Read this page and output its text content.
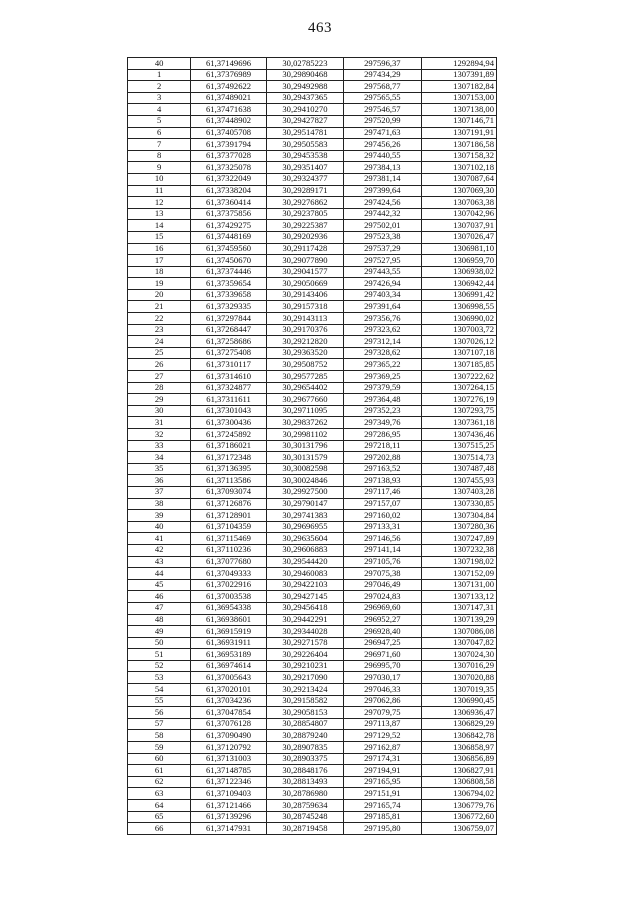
463
40	61,37149696	30,02785223	297596,37	1292894,94
1	61,37376989	30,29890468	297434,29	1307391,89
2	61,37492622	30,29492988	297568,77	1307182,84
3	61,37489021	30,29437365	297565,55	1307153,00
4	61,37471638	30,29410270	297546,57	1307138,00
5	61,37448902	30,29427827	297520,99	1307146,71
6	61,37405708	30,29514781	297471,63	1307191,91
7	61,37391794	30,29505583	297456,26	1307186,58
8	61,37377028	30,29453538	297440,55	1307158,32
9	61,37325078	30,29351407	297384,13	1307102,18
10	61,37322049	30,29324377	297381,14	1307087,64
11	61,37338204	30,29289171	297399,64	1307069,30
12	61,37360414	30,29276862	297424,56	1307063,38
13	61,37375856	30,29237805	297442,32	1307042,96
14	61,37429275	30,29225387	297502,01	1307037,91
15	61,37448169	30,29202936	297523,38	1307026,47
16	61,37459560	30,29117428	297537,29	1306981,10
17	61,37450670	30,29077890	297527,95	1306959,70
18	61,37374446	30,29041577	297443,55	1306938,02
19	61,37359654	30,29050669	297426,94	1306942,44
20	61,37339658	30,29143406	297403,34	1306991,42
21	61,37329335	30,29157318	297391,64	1306998,55
22	61,37297844	30,29143113	297356,76	1306990,02
23	61,37268447	30,29170376	297323,62	1307003,72
24	61,37258686	30,29212820	297312,14	1307026,12
25	61,37275408	30,29363520	297328,62	1307107,18
26	61,37310117	30,29508752	297365,22	1307185,85
27	61,37314610	30,29577285	297369,25	1307222,62
28	61,37324877	30,29654402	297379,59	1307264,15
29	61,37311611	30,29677660	297364,48	1307276,19
30	61,37301043	30,29711095	297352,23	1307293,75
31	61,37300436	30,29837262	297349,76	1307361,18
32	61,37245892	30,29981102	297286,95	1307436,46
33	61,37186021	30,30131796	297218,11	1307515,25
34	61,37172348	30,30131579	297202,88	1307514,73
35	61,37136395	30,30082598	297163,52	1307487,48
36	61,37113586	30,30024846	297138,93	1307455,93
37	61,37093074	30,29927500	297117,46	1307403,28
38	61,37126876	30,29790147	297157,07	1307330,85
39	61,37128901	30,29741383	297160,02	1307304,84
40	61,37104359	30,29696955	297133,31	1307280,36
41	61,37115469	30,29635604	297146,56	1307247,89
42	61,37110236	30,29606883	297141,14	1307232,38
43	61,37077680	30,29544420	297105,76	1307198,02
44	61,37049333	30,29460083	297075,38	1307152,09
45	61,37022916	30,29422103	297046,49	1307131,00
46	61,37003538	30,29427145	297024,83	1307133,12
47	61,36954338	30,29456418	296969,60	1307147,31
48	61,36938601	30,29442291	296952,27	1307139,29
49	61,36915919	30,29344028	296928,40	1307086,08
50	61,36931911	30,29271578	296947,25	1307047,82
51	61,36953189	30,29226404	296971,60	1307024,30
52	61,36974614	30,29210231	296995,70	1307016,29
53	61,37005643	30,29217090	297030,17	1307020,88
54	61,37020101	30,29213424	297046,33	1307019,35
55	61,37034236	30,29158582	297062,86	1306990,45
56	61,37047854	30,29058153	297079,75	1306936,47
57	61,37076128	30,28854807	297113,87	1306829,29
58	61,37090490	30,28879240	297129,52	1306842,78
59	61,37120792	30,28907835	297162,87	1306858,97
60	61,37131003	30,28903375	297174,31	1306856,89
61	61,37148785	30,28848176	297194,91	1306827,91
62	61,37122346	30,28813493	297165,95	1306808,58
63	61,37109403	30,28786980	297151,91	1306794,02
64	61,37121466	30,28759634	297165,74	1306779,76
65	61,37139296	30,28745248	297185,81	1306772,60
66	61,37147931	30,28719458	297195,80	1306759,07
